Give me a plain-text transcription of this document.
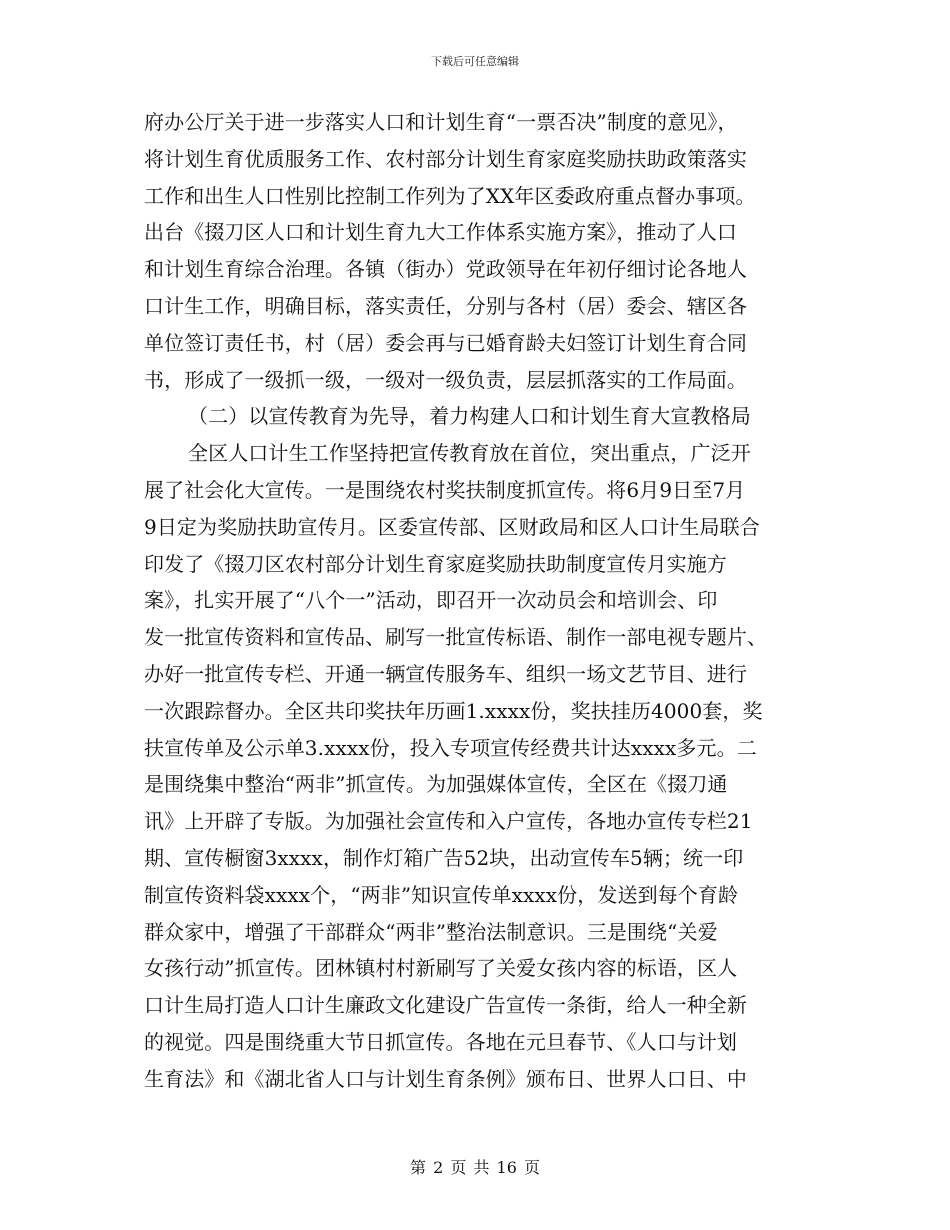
下载后可任意编辑
府办公厅关于进一步落实人口和计划生育“一票否决”制度的意见》，
将计划生育优质服务工作、农村部分计划生育家庭奖励扶助政策落实
工作和出生人口性别比控制工作列为了XX年区委政府重点督办事项。
出台《掇刀区人口和计划生育九大工作体系实施方案》，推动了人口
和计划生育综合治理。各镇（街办）党政领导在年初仔细讨论各地人
口计生工作，明确目标，落实责任，分别与各村（居）委会、辖区各
单位签订责任书，村（居）委会再与已婚育龄夫妇签订计划生育合同
书，形成了一级抓一级，一级对一级负责，层层抓落实的工作局面。
（二）以宣传教育为先导，着力构建人口和计划生育大宣教格局
全区人口计生工作坚持把宣传教育放在首位，突出重点，广泛开
展了社会化大宣传。一是围绕农村奖扶制度抓宣传。将6月9日至7月
9日定为奖励扶助宣传月。区委宣传部、区财政局和区人口计生局联合
印发了《掇刀区农村部分计划生育家庭奖励扶助制度宣传月实施方
案》，扎实开展了“八个一”活动，即召开一次动员会和培训会、印
发一批宣传资料和宣传品、刷写一批宣传标语、制作一部电视专题片、
办好一批宣传专栏、开通一辆宣传服务车、组织一场文艺节目、进行
一次跟踪督办。全区共印奖扶年历画1.xxxx份，奖扶挂历4000套，奖
扶宣传单及公示单3.xxxx份，投入专项宣传经费共计达xxxx多元。二
是围绕集中整治“两非”抓宣传。为加强媒体宣传，全区在《掇刀通
讯》上开辟了专版。为加强社会宣传和入户宣传，各地办宣传专栏21
期、宣传橱窗3xxxx，制作灯箱广告52块，出动宣传车5辆；统一印
制宣传资料袋xxxx个，“两非”知识宣传单xxxx份，发送到每个育龄
群众家中，增强了干部群众“两非”整治法制意识。三是围绕“关爱
女孩行动”抓宣传。团林镇村村新刷写了关爱女孩内容的标语，区人
口计生局打造人口计生廉政文化建设广告宣传一条街，给人一种全新
的视觉。四是围绕重大节日抓宣传。各地在元旦春节、《人口与计划
生育法》和《湖北省人口与计划生育条例》颁布日、世界人口日、中
第 2 页 共 16 页
